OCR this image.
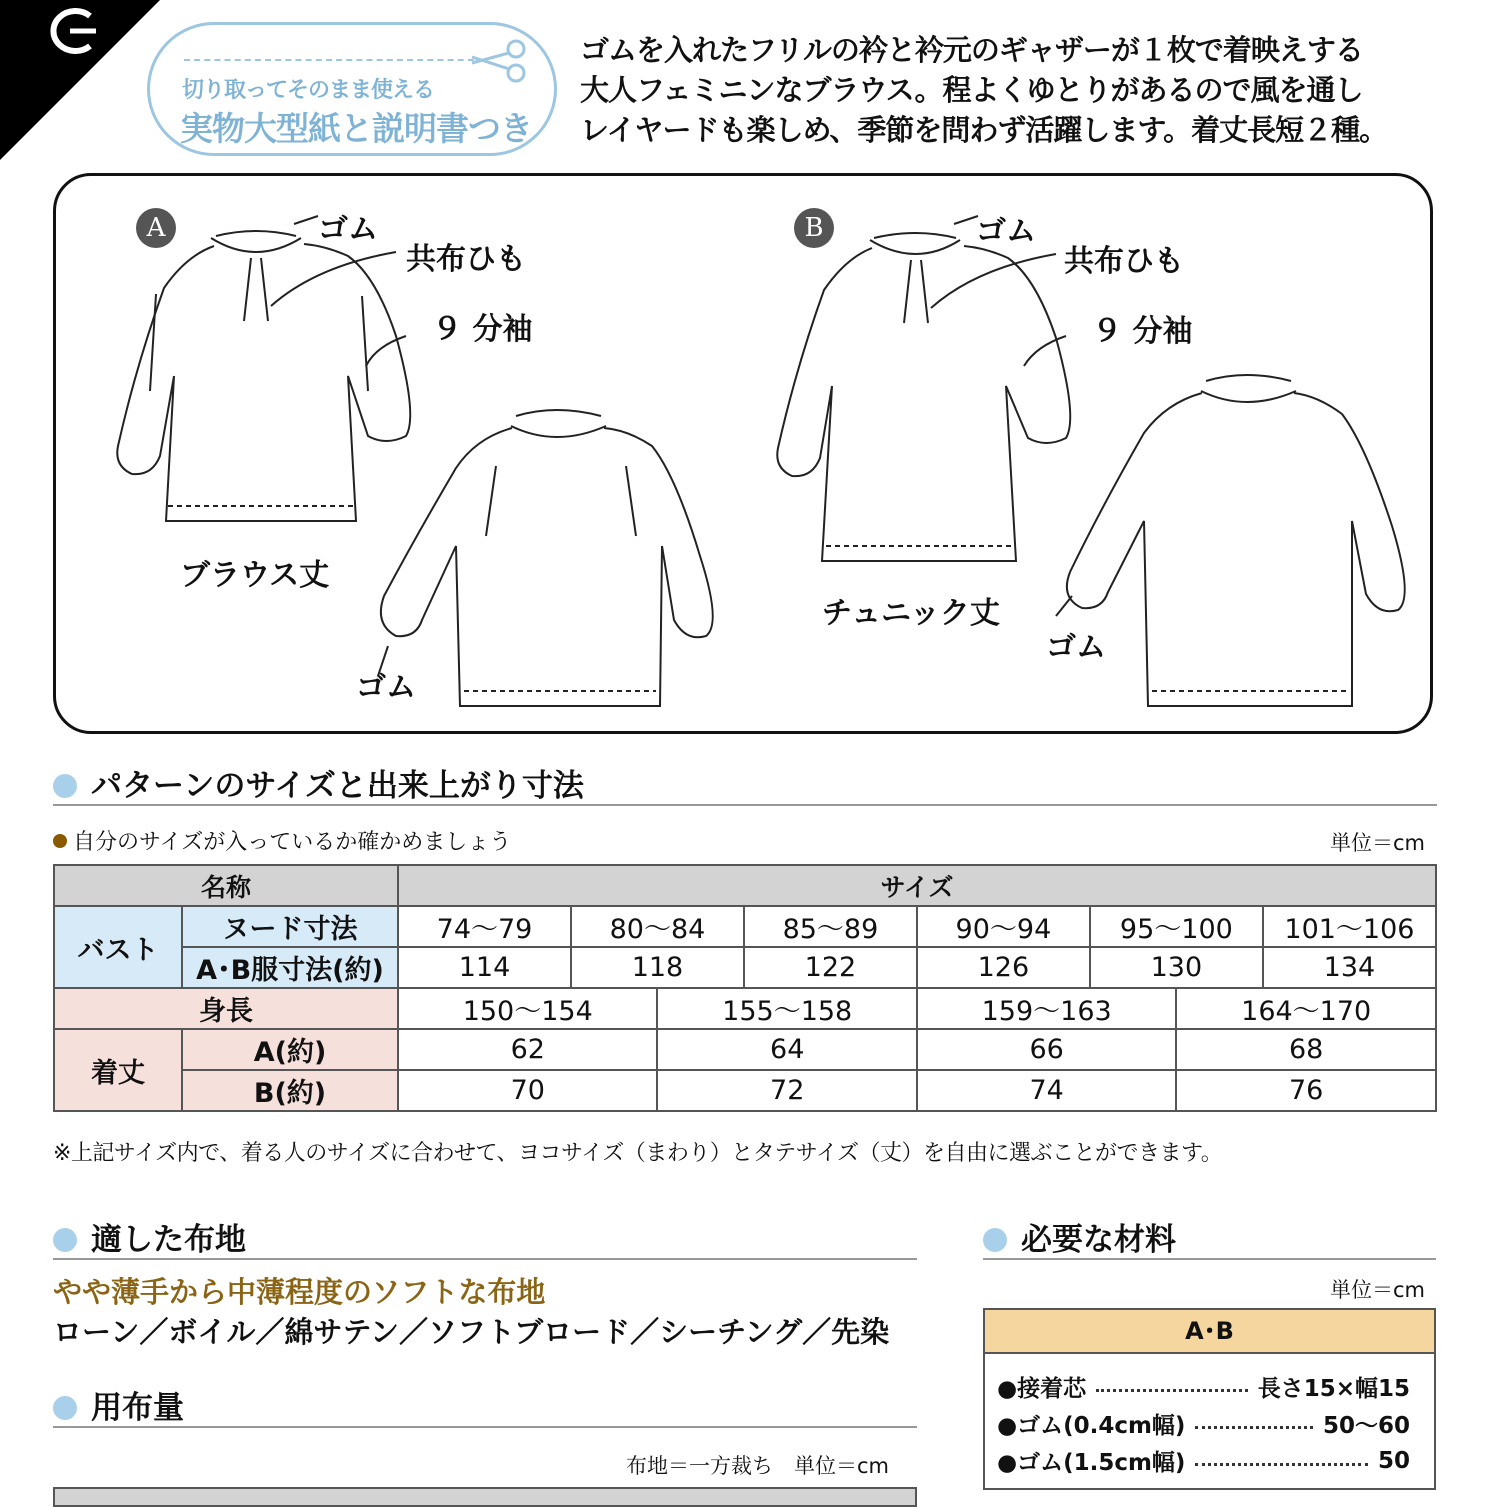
切り取ってそのまま使える
実物大型紙と説明書つき
ゴムを入れたフリルの衿と衿元のギャザーが１枚で着映えする
大人フェミニンなブラウス。程よくゆとりがあるので風を通し
レイヤードも楽しめ、季節を問わず活躍します。着丈長短２種。
A	ゴム
共布ひも
９ 分袖
ブラウス丈
ゴム
B	ゴム
共布ひも
９ 分袖
チュニック丈
ゴム
パターンのサイズと出来上がり寸法
自分のサイズが入っているか確かめましょう	単位＝cm
名称		サイズ							
バスト	ヌード寸法	74〜79	80〜84		85〜89	90〜94	95〜100		101〜106
	A･B服寸法(約)	114	118		122	126	130		134
身長		150〜154		155〜158		159〜163		164〜170	
着丈	A(約)	62		64		66		68	
	B(約)	70		72		74		76	
※上記サイズ内で、着る人のサイズに合わせて、ヨコサイズ（まわり）とタテサイズ（丈）を自由に選ぶことができます。
適した布地
やや薄手から中薄程度のソフトな布地
ローン／ボイル／綿サテン／ソフトブロード／シーチング／先染
用布量
布地＝一方裁ち　単位＝cm
必要な材料
単位＝cm
A･B
●接着芯	長さ15×幅15
●ゴム(0.4cm幅)	50〜60
●ゴム(1.5cm幅)	50
